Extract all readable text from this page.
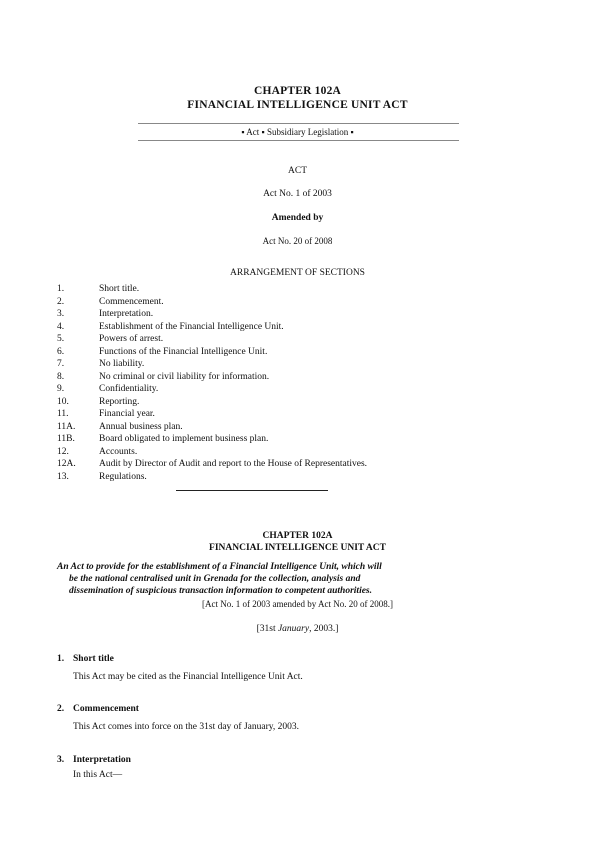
CHAPTER 102A
FINANCIAL INTELLIGENCE UNIT ACT
▪ Act ▪ Subsidiary Legislation ▪
ACT
Act No. 1 of 2003
Amended by
Act No. 20 of 2008
ARRANGEMENT OF SECTIONS
1.	Short title.
2.	Commencement.
3.	Interpretation.
4.	Establishment of the Financial Intelligence Unit.
5.	Powers of arrest.
6.	Functions of the Financial Intelligence Unit.
7.	No liability.
8.	No criminal or civil liability for information.
9.	Confidentiality.
10.	Reporting.
11.	Financial year.
11A. Annual business plan.
11B.	Board obligated to implement business plan.
12.	Accounts.
12A. Audit by Director of Audit and report to the House of Representatives.
13.	Regulations.
CHAPTER 102A
FINANCIAL INTELLIGENCE UNIT ACT
An Act to provide for the establishment of a Financial Intelligence Unit, which will
be the national centralised unit in Grenada for the collection, analysis and
dissemination of suspicious transaction information to competent authorities.
[Act No. 1 of 2003 amended by Act No. 20 of 2008.]
[31st January, 2003.]
1. Short title
This Act may be cited as the Financial Intelligence Unit Act.
2. Commencement
This Act comes into force on the 31st day of January, 2003.
3. Interpretation
In this Act—
